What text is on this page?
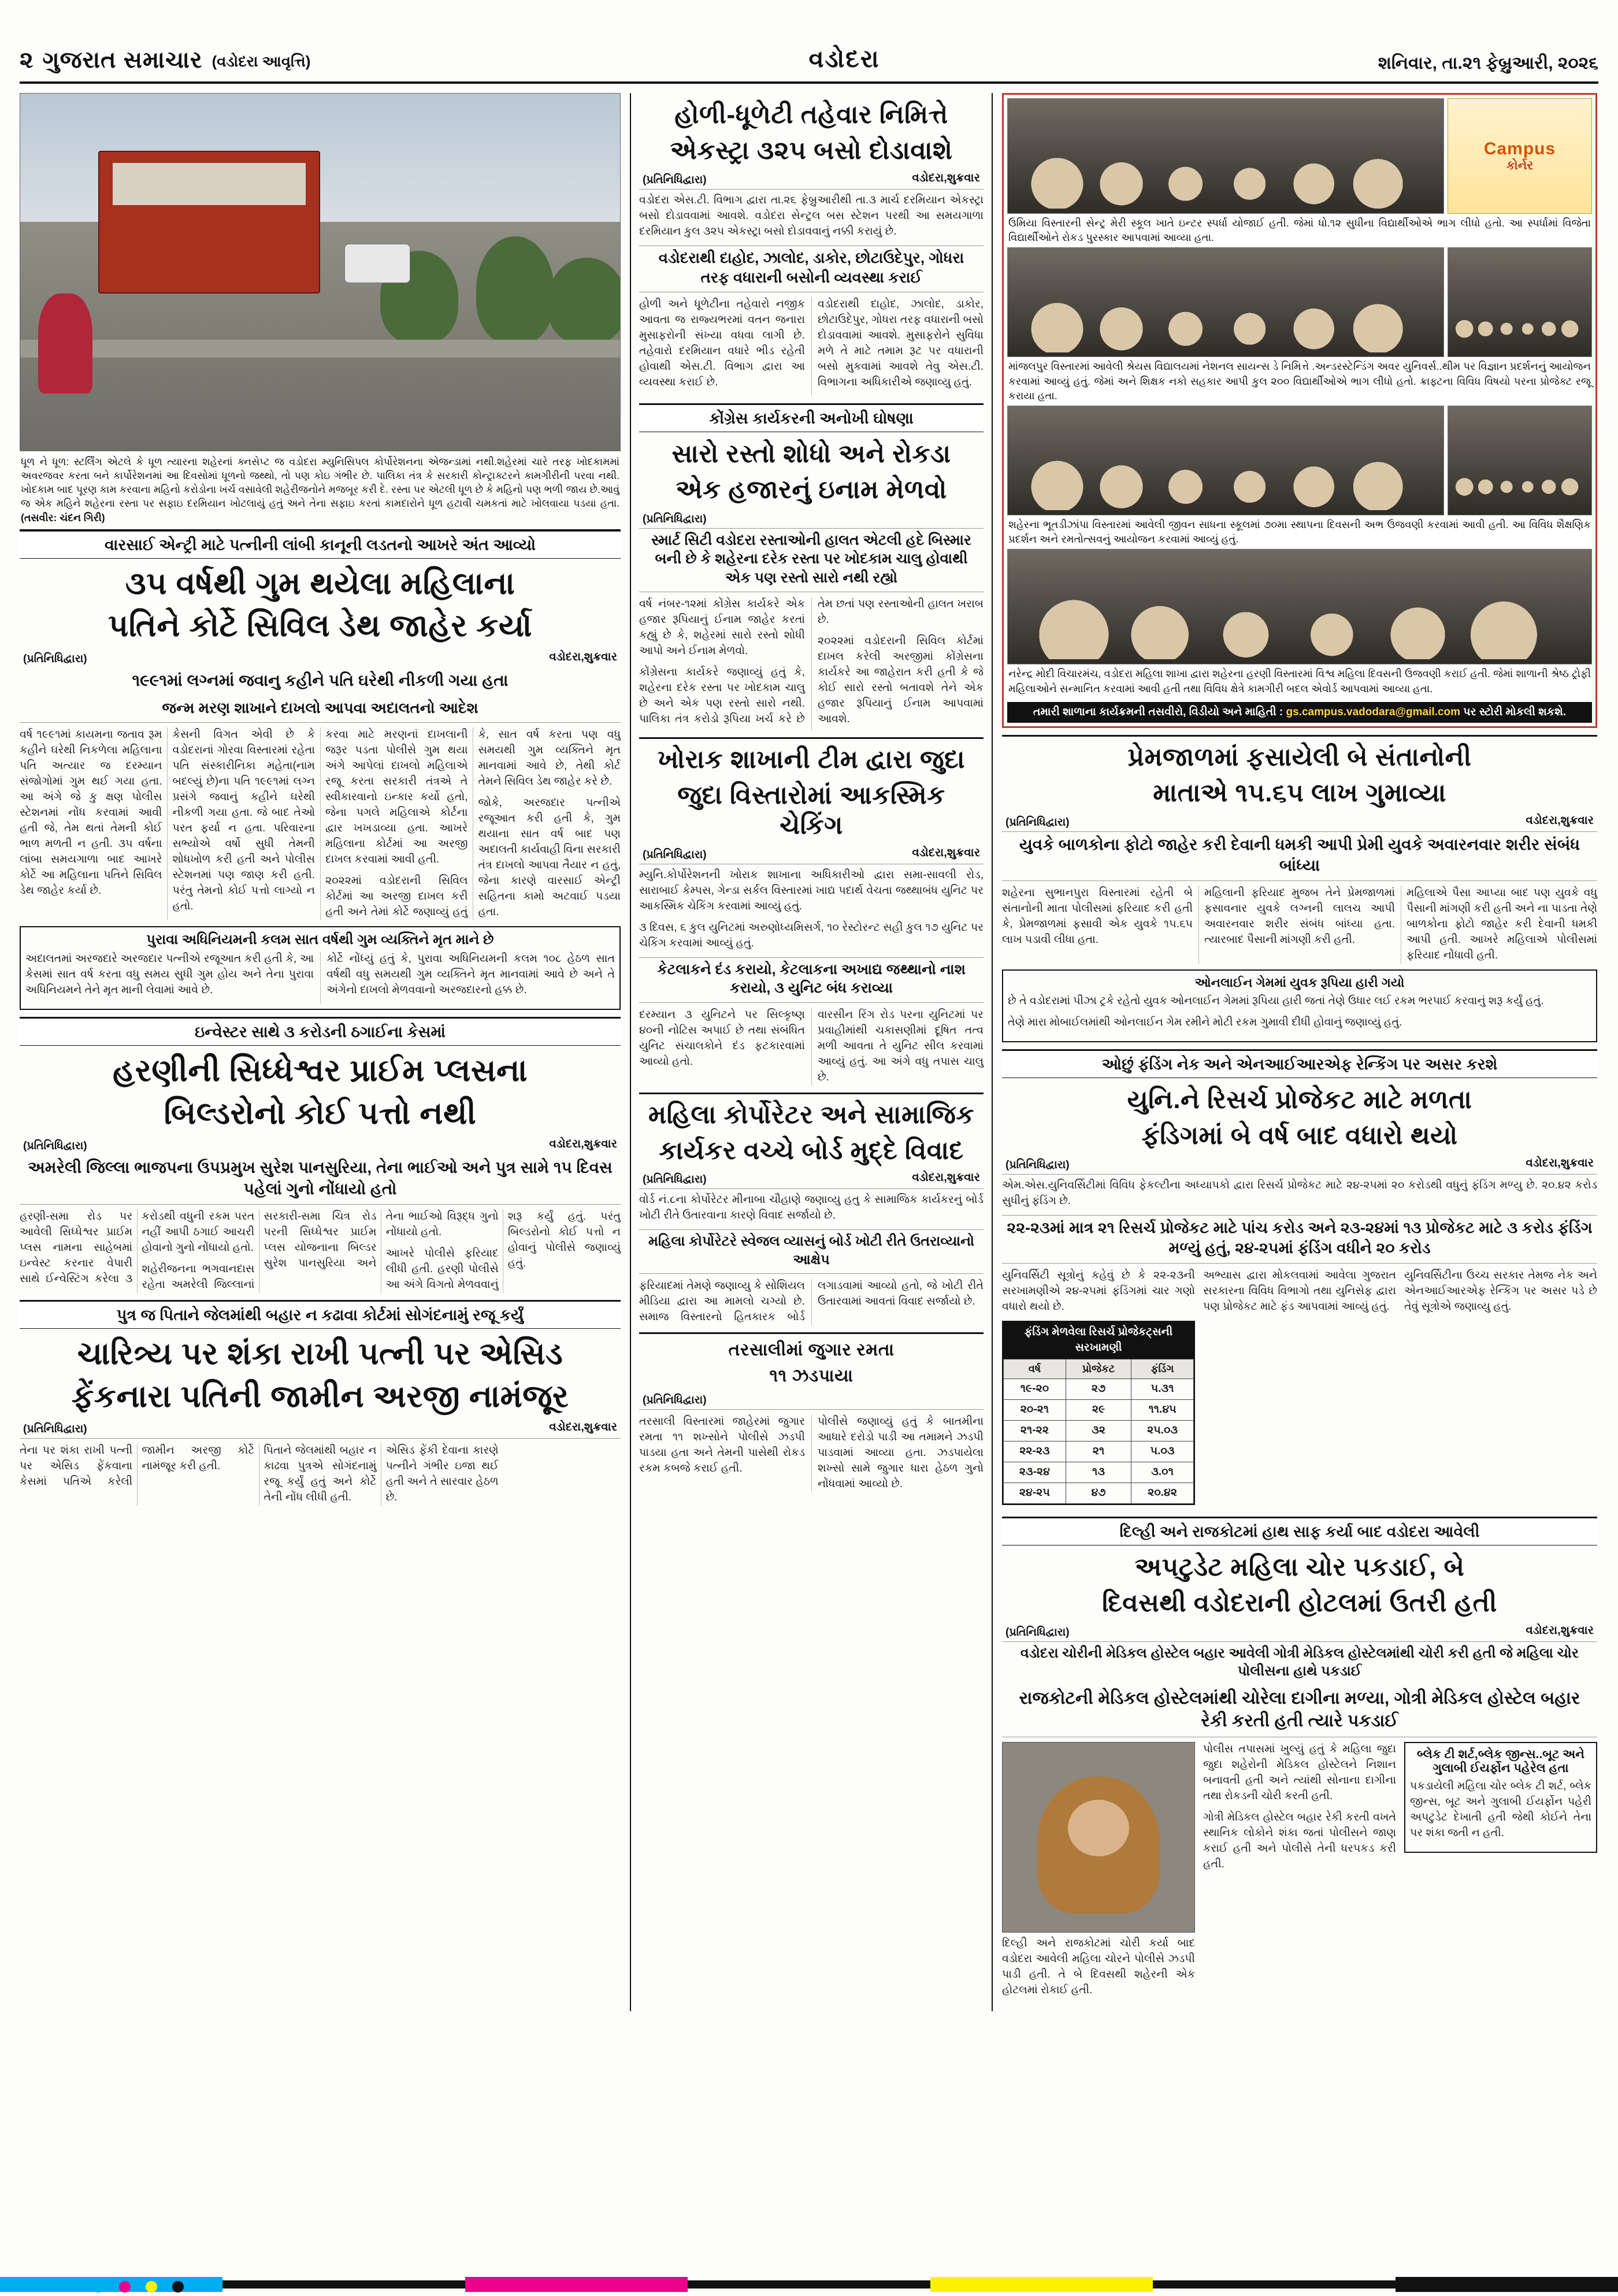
૨ ગુજરાત સમાચાર (વડોદરા આવૃત્તિ)	વડોદરા	શનિવાર, તા.૨૧ ફેબ્રુઆરી, ૨૦૨૬
ધૂળ ને ધૂળ: સ્ટર્લિંગ એટલે કે ધૂળ ત્યારના શહેરનાં ક્નસેપ્ટ જ વડોદરા મ્યુનિસિપલ કોર્પોરેશનના એજન્ડામાં નથી.શહેરમાં ચારે તરફ ખોદકામમાં અવરજવર કરતા બને કાર્પોરેશનમાં આ દિવસોમાં ધૂળનો જથ્થો, તો પણ કોઇ ગંભીર છે. પાલિકા તંત્ર કે સરકારી કોન્ટ્રાક્ટરને કામગીરીની પરવા નથી. ખોદકામ બાદ પૂરણ કામ કરવાના મહિનો કરોડોના ખર્ચ વસાવેલી શહેરીજનોને મજબૂર કરી દે. રસ્તા પર એટલી ધૂળ છે કે મહિનો પણ ભળી જાય છે.આવું જ એક મહિને શહેરના રસ્તા પર સફાઇ દરમિયાન ખોટલાયું હતું અને તેના સફાઇ કરતાં કામદારોને ધૂળ હટાવી ચમકતાં માટે ખોલવાયા પડયા હતા. (તસવીર: ચંદન ગિરી)
વારસાઈ એન્ટ્રી માટે પત્નીની લાંબી કાનૂની લડતનો આખરે અંત આવ્યો
૩૫ વર્ષથી ગુમ થયેલા મહિલાના
પતિને કોર્ટે સિવિલ ડેથ જાહેર કર્યા
(પ્રતિનિધિદ્વારા)	વડોદરા,શુક્રવાર
૧૯૯૧માં લગ્નમાં જવાનુ કહીને પતિ ઘરેથી નીકળી ગયા હતા
જન્મ મરણ શાખાને દાખલો આપવા અદાલતનો આદેશ

વર્ષ ૧૯૯૧માં કાયમના જતાવ રૂમ કહીને ઘરેથી નિકળેલા મહિલાના પતિ અત્યાર જ દરમ્યાન સંજોગોમાં ગુમ થઈ ગયા હતા. આ અંગે જે કુ ક્ષણ પોલીસ સ્ટેશનમાં નોંધ કરવામાં આવી હતી જે, તેમ થતાં તેમની કોઈ ભાળ મળતી ન હતી. ૩૫ વર્ષના લાંબા સમયગાળા બાદ આખરે કોર્ટે આ મહિલાના પતિને સિવિલ ડેથ જાહેર કર્યા છે.

કેસની વિગત એવી છે કે વડોદરાનાં ગોરવા વિસ્તારમાં રહેતા પતિ સંસ્કારીનિકા મહેતા(નામ બદલ્યું છે)ના પતિ ૧૯૯૧માં લગ્ન પ્રસંગે જવાનું કહીને ઘરેથી નીકળી ગયા હતા. જે બાદ તેઓ પરત ફર્યા ન હતા. પરિવારના સભ્યોએ વર્ષો સુધી તેમની શોધખોળ કરી હતી અને પોલીસ સ્ટેશનમાં પણ જાણ કરી હતી. પરંતુ તેમનો કોઈ પત્તો લાગ્યો ન હતો.

કરવા માટે મરણનાં દાખલાની જરૂર પડતા પોલીસે ગુમ થયા અંગે આપેલાં દાખલો મહિલાએ રજૂ કરતા સરકારી તંત્રએ તે સ્વીકારવાનો ઇન્કાર કર્યો હતો, જેના પગલે મહિલાએ કોર્ટના દ્વાર ખખડાવ્યા હતા. આખરે મહિલાના કોર્ટમાં આ અરજી દાખલ કરવામાં આવી હતી.

૨૦૨૨માં વડોદરાની સિવિલ કોર્ટમાં આ અરજી દાખલ કરી હતી અને તેમાં કોર્ટે જણાવ્યું હતું કે, સાત વર્ષ કરતા પણ વધુ સમયથી ગુમ વ્યક્તિને મૃત માનવામાં આવે છે, તેથી કોર્ટ તેમને સિવિલ ડેથ જાહેર કરે છે.

જોકે, અરજદાર પત્નીએ રજૂઆત કરી હતી કે, ગુમ થયાના સાત વર્ષ બાદ પણ અદાલતી કાર્યવાહી વિના સરકારી તંત્ર દાખલો આપવા તૈયાર ન હતું, જેના કારણે વારસાઈ એન્ટ્રી સહિતના કામો અટવાઈ પડયા હતા.

પુરાવા અધિનિયમની કલમ સાત વર્ષથી ગુમ વ્યક્તિને મૃત માને છે

અદાલતમાં અરજદારે અરજદાર પત્નીએ રજૂઆત કરી હતી કે, આ કેસમાં સાત વર્ષ કરતા વધુ સમય સુધી ગુમ હોય અને તેના પુરાવા અધિનિયમને તેને મૃત માની લેવામાં આવે છે.

કોર્ટે નોંધ્યું હતું કે, પુરાવા અધિનિયમની કલમ ૧૦૮ હેઠળ સાત વર્ષથી વધુ સમયથી ગુમ વ્યક્તિને મૃત માનવામાં આવે છે અને તે અંગેનો દાખલો મેળવવાનો અરજદારનો હક્ક છે.

ઇન્વેસ્ટર સાથે ૩ કરોડની ઠગાઈના કેસમાં
હરણીની સિધ્ધેશ્વર પ્રાઈમ પ્લસના
બિલ્ડરોનો કોઈ પત્તો નથી
(પ્રતિનિધિદ્વારા)	વડોદરા,શુક્રવાર
અમરેલી જિલ્લા ભાજપના ઉપપ્રમુખ સુરેશ પાનસુરિયા, તેના ભાઈઓ અને પુત્ર સામે ૧૫ દિવસ પહેલાં ગુનો નોંધાયો હતો

હરણી-સમા રોડ પર આવેલી સિધ્ધેશ્વર પ્રાઈમ પ્લસ નામના સાહેબમાં ઇન્વેસ્ટ કરનાર વેપારી સાથે ઈન્વેસ્ટિંગ કરેલા ૩ કરોડથી વધુની રકમ પરત નહીં આપી ઠગાઈ આચરી હોવાનો ગુનો નોંધાયો હતો.

શહેરીજનના ભગવાનદાસ રહેતા અમરેલી જિલ્લાનાં સરકારી-સમા ચિત્ર રોડ પરની સિધ્ધેશ્વર પ્રાઈમ પ્લસ યોજનાના બિલ્ડર સુરેશ પાનસુરિયા અને તેના ભાઈઓ વિરૂદ્ધ ગુનો નોંધાયો હતો.

આખરે પોલીસે ફરિયાદ લીધી હતી. હરણી પોલીસે આ અંગે વિગતો મેળવવાનું શરૂ કર્યું હતું. પરંતુ બિલ્ડરોનો કોઈ પત્તો ન હોવાનું પોલીસે જણાવ્યું હતું.

પુત્ર જ પિતાને જેલમાંથી બહાર ન કઢાવા કોર્ટમાં સોગંદનામું રજૂ કર્યું
ચારિત્ર્ય પર શંકા રાખી પત્ની પર એસિડ
ફેંકનારા પતિની જામીન અરજી નામંજૂર
(પ્રતિનિધિદ્વારા)	વડોદરા,શુક્રવાર

તેના પર શંકા રાખી પત્ની પર એસિડ ફેંકવાના કેસમાં પતિએ કરેલી જામીન અરજી કોર્ટે નામંજૂર કરી હતી.

પિતાને જેલમાંથી બહાર ન કાઢવા પુત્રએ સોગંદનામું રજૂ કર્યું હતું અને કોર્ટે તેની નોંધ લીધી હતી.

એસિડ ફેંકી દેવાના કારણે પત્નીને ગંભીર ઇજા થઈ હતી અને તે સારવાર હેઠળ છે.

હોળી-ધૂળેટી તહેવાર નિમિત્તે
એકસ્ટ્રા ૩૨૫ બસો દોડાવાશે
(પ્રતિનિધિદ્વારા)	વડોદરા,શુક્રવાર

વડોદરા એસ.ટી. વિભાગ દ્વારા તા.૨૬ ફેબ્રુઆરીથી તા.૩ માર્ચ દરમિયાન એકસ્ટ્રા બસો દોડાવવામાં આવશે. વડોદરા સેન્ટ્રલ બસ સ્ટેશન પરથી આ સમયગાળા દરમિયાન કુલ ૩૨૫ એકસ્ટ્રા બસો દોડાવવાનું નક્કી કરાયું છે.

વડોદરાથી દાહોદ, ઝાલોદ, ડાકોર, છોટાઉદેપુર, ગોધરા તરફ વધારાની બસોની વ્યવસ્થા કરાઈ

હોળી અને ધૂળેટીના તહેવારો નજીક આવતા જ રાજ્યભરમાં વતન જનારા મુસાફરોની સંખ્યા વધવા લાગી છે. તહેવારો દરમિયાન વધારે ભીડ રહેતી હોવાથી એસ.ટી. વિભાગ દ્વારા આ વ્યવસ્થા કરાઈ છે.

વડોદરાથી દાહોદ, ઝાલોદ, ડાકોર, છોટાઉદેપુર, ગોધરા તરફ વધારાની બસો દોડાવવામાં આવશે. મુસાફરોને સુવિધા મળે તે માટે તમામ રૂટ પર વધારાની બસો મુકવામાં આવશે તેવુ એસ.ટી. વિભાગના અધિકારીએ જણાવ્યુ હતું.

કોંગ્રેસ કાર્યકરની અનોખી ઘોષણા
સારો રસ્તો શોધો અને રોકડા
એક હજારનું ઇનામ મેળવો
(પ્રતિનિધિદ્વારા)
સ્માર્ટ સિટી વડોદરા રસ્તાઓની હાલત એટલી હદે બિસ્માર બની છે કે શહેરના દરેક રસ્તા પર ખોદકામ ચાલુ હોવાથી એક પણ રસ્તો સારો નથી રહ્યો

વર્ષ નંબર-૧૨માં કોંગ્રેસ કાર્યકરે એક હજાર રૂપિયાનું ઈનામ જાહેર કરતાં કહ્યું છે કે, શહેરમાં સારો રસ્તો શોધી આપો અને ઈનામ મેળવો.

કોંગ્રેસના કાર્યકરે જણાવ્યું હતું કે, શહેરના દરેક રસ્તા પર ખોદકામ ચાલુ છે અને એક પણ રસ્તો સારો નથી. પાલિકા તંત્ર કરોડો રૂપિયા ખર્ચ કરે છે તેમ છતાં પણ રસ્તાઓની હાલત ખરાબ છે.

૨૦૨૨માં વડોદરાની સિવિલ કોર્ટમાં દાખલ કરેલી અરજીમાં કોંગ્રેસના કાર્યકરે આ જાહેરાત કરી હતી કે જે કોઈ સારો રસ્તો બતાવશે તેને એક હજાર રૂપિયાનું ઈનામ આપવામાં આવશે.

ખોરાક શાખાની ટીમ દ્વારા જુદા
જુદા વિસ્તારોમાં આકસ્મિક ચેકિંગ
(પ્રતિનિધિદ્વારા)	વડોદરા,શુક્રવાર

મ્યુનિ.કોર્પોરેશનની ખોરાક શાખાના અધિકારીઓ દ્વારા સમા-સાવલી રોડ, સારાબાઈ કેમ્પસ, ગેન્ડા સર્કલ વિસ્તારમાં ખાદ્ય પદાર્થ વેચતા જથ્થાબંધ યુનિટ પર આકસ્મિક ચેકિંગ કરવામાં આવ્યું હતું.

૩ દિવસ, ૬ કુલ યુનિટમાં અરુણોધ્યમિસર્ગ, ૧૦ રેસ્ટોરન્ટ સહી કુલ ૧૭ યુનિટ પર ચેકિંગ કરવામાં આવ્યું હતું.

કેટલાકને દંડ કરાયો, કેટલાકના અખાદ્ય જથ્થાનો નાશ કરાયો, ૩ યુનિટ બંધ કરાવ્યા

દરમ્યાન ૩ યુનિટને પર સિલ્કૃષ્ણ ૪૦ની નોટિસ અપાઈ છે તથા સંબંધિત યુનિટ સંચાલકોને દંડ ફટકારવામાં આવ્યો હતો.

વારસીન રિંગ રોડ પરના યુનિટમાં પર પ્રવાહીમાંથી ચકાસણીમાં દૂષિત તત્વ મળી આવતા તે યુનિટ સીલ કરવામાં આવ્યું હતું. આ અંગે વધુ તપાસ ચાલુ છે.

મહિલા કોર્પોરેટર અને સામાજિક
કાર્યકર વચ્ચે બોર્ડ મુદ્દે વિવાદ
(પ્રતિનિધિદ્વારા)	વડોદરા,શુક્રવાર

વોર્ડ નં.૮ના કોર્પોરેટર મીનાબા ચૌહાણે જણાવ્યુ હતુ કે સામાજિક કાર્યકરનું બોર્ડ ખોટી રીતે ઉતારવાના કારણે વિવાદ સર્જાયો છે.

મહિલા કોર્પોરેટરે સ્વેજલ વ્યાસનું બોર્ડ ખોટી રીતે ઉતરાવ્યાનો આક્ષેપ

ફરિયાદમાં તેમણે જણાવ્યુ કે સોશિયલ મીડિયા દ્વારા આ મામલો ચગ્યો છે. સમાજ વિસ્તારનો હિતકારક બોર્ડ લગાડવામાં આવ્યો હતો, જે ખોટી રીતે ઉતારવામાં આવતાં વિવાદ સર્જાયો છે.

તરસાલીમાં જુગાર રમતા
૧૧ ઝડપાયા
(પ્રતિનિધિદ્વારા)

તરસાલી વિસ્તારમાં જાહેરમાં જુગાર રમતા ૧૧ શખ્સોને પોલીસે ઝડપી પાડયા હતા અને તેમની પાસેથી રોકડ રકમ કબજે કરાઈ હતી.

પોલીસે જણાવ્યું હતું કે બાતમીના આધારે દરોડો પાડી આ તમામને ઝડપી પાડવામાં આવ્યા હતા. ઝડપાયેલા શખ્સો સામે જુગાર ધારા હેઠળ ગુનો નોંધવામાં આવ્યો છે.

Campus
કોર્નર
ઉમિયા વિસ્તારની સેન્ટ્ર મેરી સ્કૂલ ખાતે ઇન્ટર સ્પર્ધા યોજાઈ હતી. જેમાં ધો.૧૨ સુધીના વિદ્યાર્થીઓએ ભાગ લીધો હતો. આ સ્પર્ધામાં વિજેતા વિદ્યાર્થીઓને રોકડ પુરસ્કાર આપવામાં આવ્યા હતા.
માંજલપુર વિસ્તારમાં આવેલી શ્રેયસ વિદ્યાલયમાં નેશનલ સાયન્સ ડે નિમિત્તે .અન્ડરસ્ટેન્ડિંગ અવર યુનિવર્સ..થીમ પર વિજ્ઞાન પ્રદર્શનનું આયોજન કરવામાં આવ્યું હતું. જેમાં અને શિક્ષક નકો સહકાર આપી કુલ ૨૦૦ વિદ્યાર્થીઓએ ભાગ લીધો હતો. ક્રાફ્ટના વિવિધ વિષયો પરના પ્રોજેક્ટ રજૂ કરાયા હતા.
શહેરના ભૂતડીઝાંપા વિસ્તારમાં આવેલી જીવન સાધના સ્કૂલમાં ૭૦મા સ્થાપના દિવસની અભ ઉજવણી કરવામાં આવી હતી. આ વિવિધ શૈક્ષણિક પ્રદર્શન અને રમતોત્સવનું આયોજન કરવામાં આવ્યું હતું.
નરેન્દ્ર મોદી વિચારમંચ, વડોદરા મહિલા શાખા દ્વારા શહેરના હરણી વિસ્તારમાં વિશ્વ મહિલા દિવસની ઉજવણી કરાઈ હતી. જેમાં શાળાની શ્રેષ્ઠ ટ્રોફી મહિલાઓને સન્માનિત કરવામાં આવી હતી તથા વિવિધ ક્ષેત્રે કામગીરી બદલ એવોર્ડ આપવામાં આવ્યા હતા.
તમારી શાળાના કાર્યક્રમની તસવીરો, વિડીયો અને માહિતી : gs.campus.vadodara@gmail.com પર સ્ટોરી મોકલી શકશે.
પ્રેમજાળમાં ફસાયેલી બે સંતાનોની
માતાએ ૧૫.૬૫ લાખ ગુમાવ્યા
(પ્રતિનિધિદ્વારા)	વડોદરા,શુક્રવાર
યુવકે બાળકોના ફોટો જાહેર કરી દેવાની ધમકી આપી પ્રેમી યુવકે અવારનવાર શરીર સંબંધ બાંધ્યા

શહેરના સુભાનપુરા વિસ્તારમાં રહેતી બે સંતાનોની માતા પોલીસમાં ફરિયાદ કરી હતી કે, પ્રેમજાળમાં ફસાવી એક યુવકે ૧૫.૬૫ લાખ પડાવી લીધા હતા.

મહિલાની ફરિયાદ મુજબ તેને પ્રેમજાળમાં ફસાવનાર યુવકે લગ્નની લાલચ આપી અવારનવાર શરીર સંબંધ બાંધ્યા હતા. ત્યારબાદ પૈસાની માંગણી કરી હતી.

મહિલાએ પૈસા આપ્યા બાદ પણ યુવકે વધુ પૈસાની માંગણી કરી હતી અને ના પાડતા તેણે બાળકોના ફોટો જાહેર કરી દેવાની ધમકી આપી હતી. આખરે મહિલાએ પોલીસમાં ફરિયાદ નોંધાવી હતી.

ઓનલાઈન ગેમમાં યુવક રૂપિયા હારી ગયો

છે તે વડોદરામાં પીઝા ટ્રકે રહેતો યુવક ઓનલાઈન ગેમમાં રૂપિયા હારી જતાં તેણે ઉધાર લઈ રકમ ભરપાઈ કરવાનું શરૂ કર્યું હતું.

તેણે મારા મોબાઈલમાંથી ઓનલાઈન ગેમ રમીને મોટી રકમ ગુમાવી દીધી હોવાનું જણાવ્યું હતું.

ઓછું ફંડિંગ નેક અને એનઆઈઆરએફ રેન્કિંગ પર અસર કરશે
યુનિ.ને રિસર્ચ પ્રોજેકટ માટે મળતા
ફંડિગમાં બે વર્ષ બાદ વધારો થયો
(પ્રતિનિધિદ્વારા)	વડોદરા,શુક્રવાર

એમ.એસ.યુનિવર્સિટીમાં વિવિધ ફેકલ્ટીના અધ્યાપકો દ્વારા રિસર્ચ પ્રોજેકટ માટે ૨૪-૨૫માં ૨૦ કરોડથી વધુનું ફંડિંગ મળ્યુ છે. ૨૦.૪૨ કરોડ સુધીનું ફંડિંગ છે.

૨૨-૨૩માં માત્ર ૨૧ રિસર્ચ પ્રોજેકટ માટે પાંચ કરોડ અને ૨૩-૨૪માં ૧૩ પ્રોજેકટ માટે ૩ કરોડ ફંડિંગ મળ્યું હતું, ૨૪-૨૫માં ફંડિંગ વધીને ૨૦ કરોડ

યુનિવર્સિટી સૂત્રોનું કહેવું છે કે ૨૨-૨૩ની સરખામણીએ ૨૪-૨૫માં ફંડિંગમાં ચાર ગણો વધારો થયો છે.

ફંડિંગ મેળવેલા રિસર્ચ પ્રોજેકટ્સની સરખામણી
વર્ષ	પ્રોજેકટ	ફંડિંગ
૧૯-૨૦	૨૭	૫.૩૧
૨૦-૨૧	૨૯	૧૧.૪૫
૨૧-૨૨	૩૨	૨૫.૦૩
૨૨-૨૩	૨૧	૫.૦૩
૨૩-૨૪	૧૩	૩.૦૧
૨૪-૨૫	૪૭	૨૦.૪૨

અભ્યાસ દ્વારા મોકલવામાં આવેલા ગુજરાત સરકારના વિવિધ વિભાગો તથા યુનિસેફ દ્વારા પણ પ્રોજેકટ માટે ફંડ આપવામાં આવ્યું હતું.

યુનિવર્સિટીના ઉચ્ચ સરકાર તેમજ નેક અને એનઆઈઆરએફ રેન્કિંગ પર અસર પડે છે તેવું સૂત્રોએ જણાવ્યુ હતું.

દિલ્હી અને રાજકોટમાં હાથ સાફ કર્યા બાદ વડોદરા આવેલી
અપટુડેટ મહિલા ચોર પકડાઈ, બે
દિવસથી વડોદરાની હોટલમાં ઉતરી હતી
(પ્રતિનિધિદ્વારા)	વડોદરા,શુક્રવાર
વડોદરા ચોરીની મેડિકલ હોસ્ટેલ બહાર આવેલી ગોત્રી મેડિકલ હોસ્ટેલમાંથી ચોરી કરી હતી જે મહિલા ચોર પોલીસના હાથે પકડાઈ
રાજકોટની મેડિકલ હોસ્ટેલમાંથી ચોરેલા દાગીના મળ્યા, ગોત્રી મેડિકલ હોસ્ટેલ બહાર રેકી કરતી હતી ત્યારે પકડાઈ

દિલ્હી અને રાજકોટમાં ચોરી કર્યા બાદ વડોદરા આવેલી મહિલા ચોરને પોલીસે ઝડપી પાડી હતી. તે બે દિવસથી શહેરની એક હોટલમાં રોકાઈ હતી.

પોલીસ તપાસમાં ખુલ્યું હતું કે મહિલા જુદા જુદા શહેરોની મેડિકલ હોસ્ટેલને નિશાન બનાવતી હતી અને ત્યાંથી સોનાના દાગીના તથા રોકડની ચોરી કરતી હતી.

ગોત્રી મેડિકલ હોસ્ટેલ બહાર રેકી કરતી વખતે સ્થાનિક લોકોને શંકા જતાં પોલીસને જાણ કરાઈ હતી અને પોલીસે તેની ધરપકડ કરી હતી.

બ્લેક ટી શર્ટ,બ્લેક જીન્સ..બૂટ અને ગુલાબી ઈયર્ફોન પહેરેલ હતા

પકડાયેલી મહિલા ચોર બ્લેક ટી શર્ટ, બ્લેક જીન્સ, બૂટ અને ગુલાબી ઈયર્ફોન પહેરી અપટુડેટ દેખાતી હતી જેથી કોઈને તેના પર શંકા જતી ન હતી.
